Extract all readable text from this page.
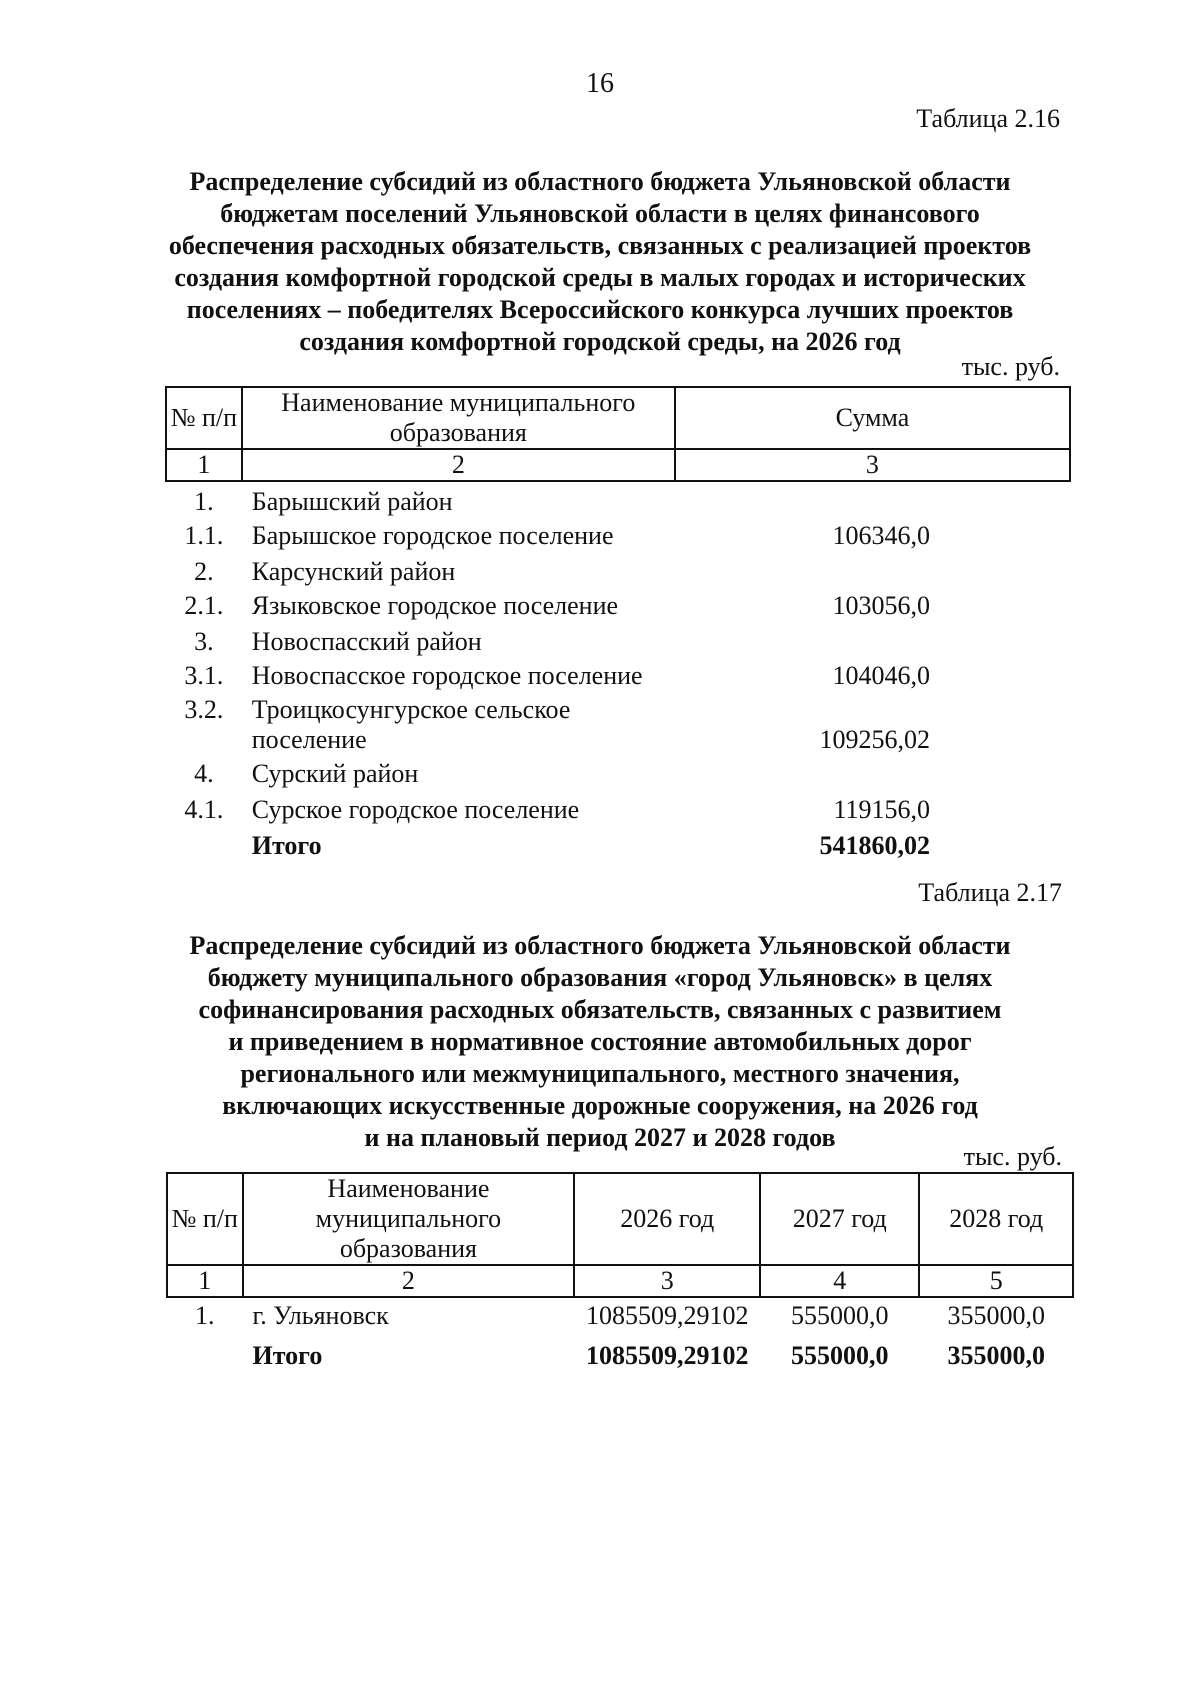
16
Таблица 2.16
Распределение субсидий из областного бюджета Ульяновской области
бюджетам поселений Ульяновской области в целях финансового
обеспечения расходных обязательств, связанных с реализацией проектов
создания комфортной городской среды в малых городах и исторических
поселениях – победителях Всероссийского конкурса лучших проектов
создания комфортной городской среды, на 2026 год
тыс. руб.
№ п/п	Наименование муниципального образования	Сумма
1	2	3
1.	Барышский район	
1.1.	Барышское городское поселение	106346,0
2.	Карсунский район	
2.1.	Языковское городское поселение	103056,0
3.	Новоспасский район	
3.1.	Новоспасское городское поселение	104046,0
3.2.	Троицкосунгурское сельское поселение	109256,02
4.	Сурский район	
4.1.	Сурское городское поселение	119156,0
	Итого	541860,02
Таблица 2.17
Распределение субсидий из областного бюджета Ульяновской области
бюджету муниципального образования «город Ульяновск» в целях
софинансирования расходных обязательств, связанных с развитием
и приведением в нормативное состояние автомобильных дорог
регионального или межмуниципального, местного значения,
включающих искусственные дорожные сооружения, на 2026 год
и на плановый период 2027 и 2028 годов
тыс. руб.
№ п/п	Наименование муниципального образования	2026 год	2027 год	2028 год
1	2	3	4	5
1.	г. Ульяновск	1085509,29102	555000,0	355000,0
	Итого	1085509,29102	555000,0	355000,0
